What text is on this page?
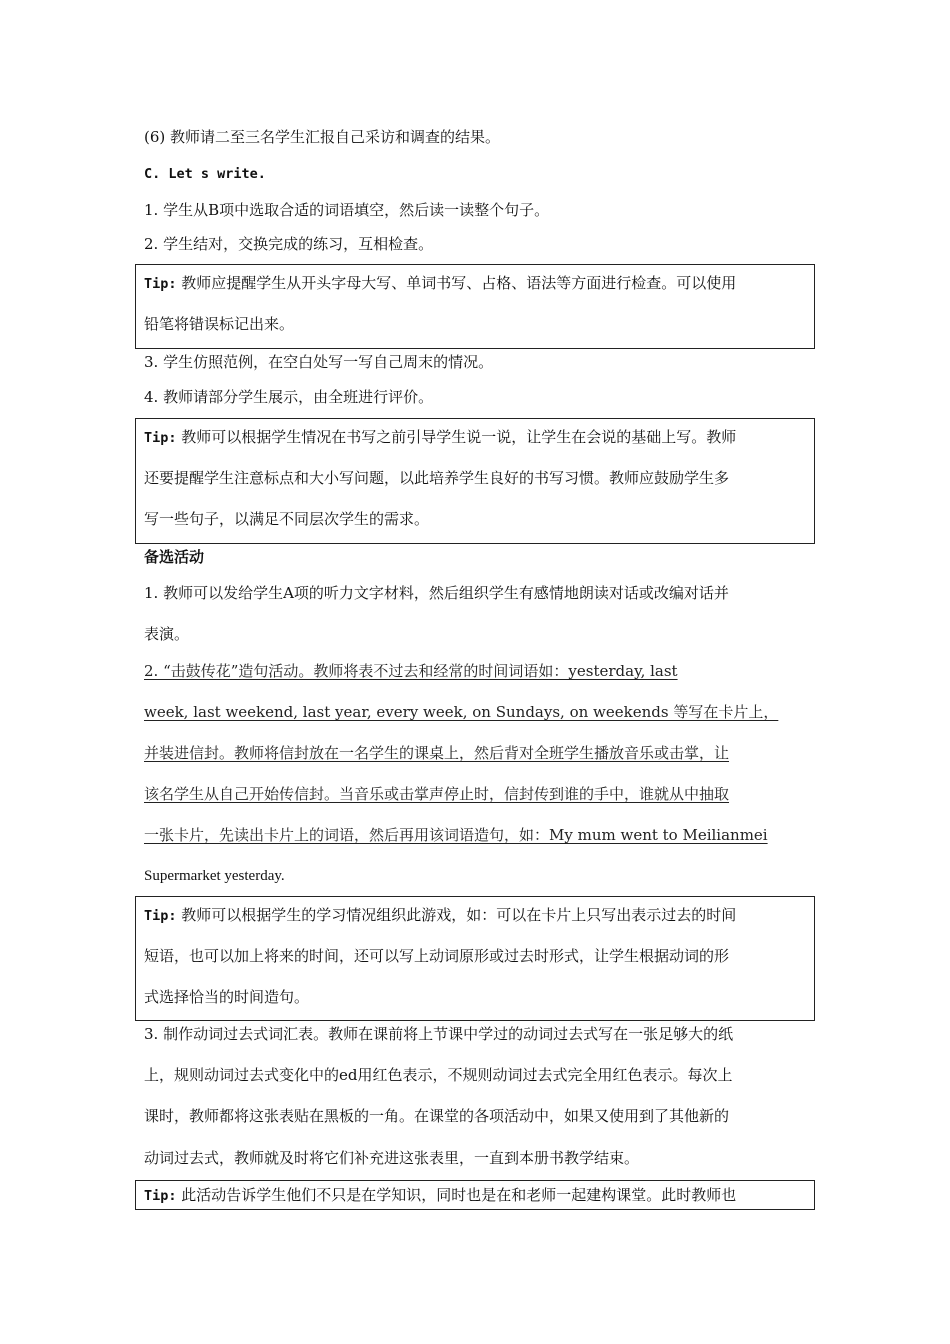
(6) 教师请二至三名学生汇报自己采访和调查的结果。
C. Let s write.
1. 学生从B项中选取合适的词语填空，然后读一读整个句子。
2. 学生结对，交换完成的练习，互相检查。
Tip: 教师应提醒学生从开头字母大写、单词书写、占格、语法等方面进行检查。可以使用
铅笔将错误标记出来。
3. 学生仿照范例，在空白处写一写自己周末的情况。
4. 教师请部分学生展示，由全班进行评价。
Tip: 教师可以根据学生情况在书写之前引导学生说一说，让学生在会说的基础上写。教师
还要提醒学生注意标点和大小写问题，以此培养学生良好的书写习惯。教师应鼓励学生多
写一些句子，以满足不同层次学生的需求。
备选活动
1. 教师可以发给学生A项的听力文字材料，然后组织学生有感情地朗读对话或改编对话并
表演。
2. “击鼓传花”造句活动。教师将表不过去和经常的时间词语如：yesterday, last
week, last weekend, last year, every week, on Sundays, on weekends 等写在卡片上，
并装进信封。教师将信封放在一名学生的课桌上，然后背对全班学生播放音乐或击掌，让
该名学生从自己开始传信封。当音乐或击掌声停止时，信封传到谁的手中，谁就从中抽取
一张卡片，先读出卡片上的词语，然后再用该词语造句，如：My mum went to Meilianmei
Supermarket yesterday.
Tip: 教师可以根据学生的学习情况组织此游戏，如：可以在卡片上只写出表示过去的时间
短语，也可以加上将来的时间，还可以写上动词原形或过去时形式，让学生根据动词的形
式选择恰当的时间造句。
3. 制作动词过去式词汇表。教师在课前将上节课中学过的动词过去式写在一张足够大的纸
上，规则动词过去式变化中的ed用红色表示，不规则动词过去式完全用红色表示。每次上
课时，教师都将这张表贴在黑板的一角。在课堂的各项活动中，如果又使用到了其他新的
动词过去式，教师就及时将它们补充进这张表里，一直到本册书教学结束。
Tip: 此活动告诉学生他们不只是在学知识，同时也是在和老师一起建构课堂。此时教师也
